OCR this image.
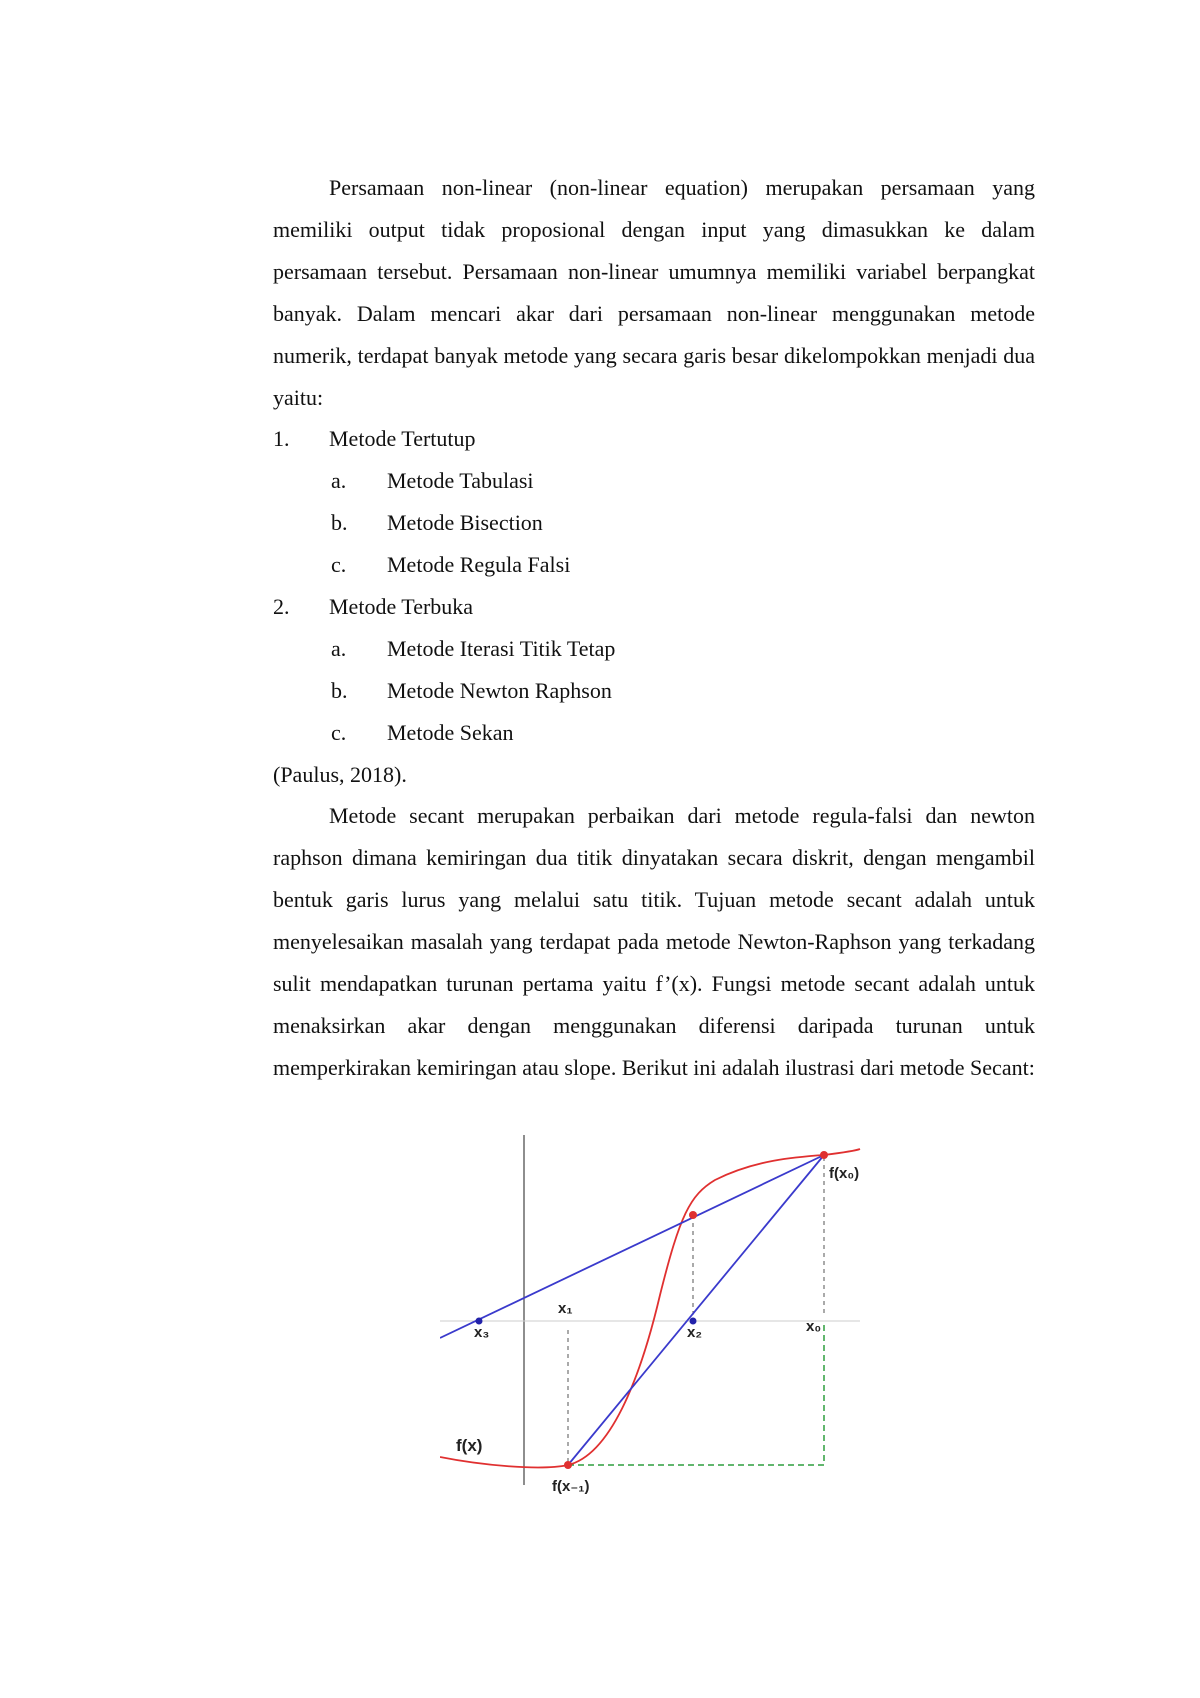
Persamaan non-linear (non-linear equation) merupakan persamaan yang memiliki output tidak proposional dengan input yang dimasukkan ke dalam persamaan tersebut. Persamaan non-linear umumnya memiliki variabel berpangkat banyak. Dalam mencari akar dari persamaan non-linear menggunakan metode numerik, terdapat banyak metode yang secara garis besar dikelompokkan menjadi dua yaitu:

1.	Metode Tertutup
a.	Metode Tabulasi
b.	Metode Bisection
c.	Metode Regula Falsi
2.	Metode Terbuka
a.	Metode Iterasi Titik Tetap
b.	Metode Newton Raphson
c.	Metode Sekan

(Paulus, 2018).

Metode secant merupakan perbaikan dari metode regula-falsi dan newton raphson dimana kemiringan dua titik dinyatakan secara diskrit, dengan mengambil bentuk garis lurus yang melalui satu titik. Tujuan metode secant adalah untuk menyelesaikan masalah yang terdapat pada metode Newton-Raphson yang terkadang sulit mendapatkan turunan pertama yaitu f’(x). Fungsi metode secant adalah untuk menaksirkan akar dengan menggunakan diferensi daripada turunan untuk memperkirakan kemiringan atau slope. Berikut ini adalah ilustrasi dari metode Secant:

f(x₀)
x₁
x₀
x₂
x₃
f(x)
f(x₋₁)
